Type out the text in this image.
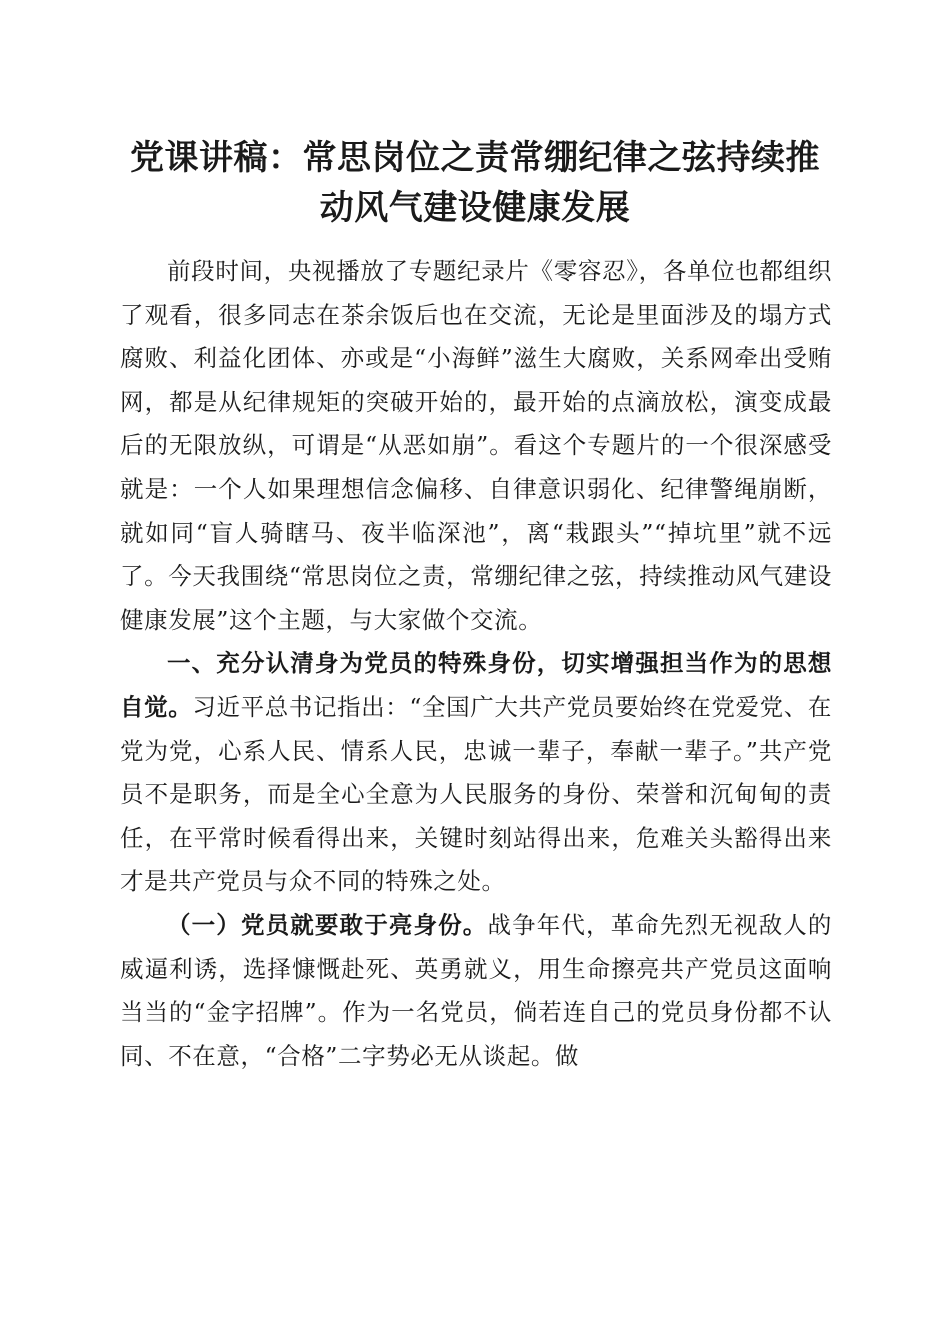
党课讲稿：常思岗位之责常绷纪律之弦持续推
动风气建设健康发展

前段时间，央视播放了专题纪录片《零容忍》，各单位也都组织了观看，很多同志在茶余饭后也在交流，无论是里面涉及的塌方式腐败、利益化团体、亦或是“小海鲜”滋生大腐败，关系网牵出受贿网，都是从纪律规矩的突破开始的，最开始的点滴放松，演变成最后的无限放纵，可谓是“从恶如崩”。看这个专题片的一个很深感受就是：一个人如果理想信念偏移、自律意识弱化、纪律警绳崩断，就如同“盲人骑瞎马、夜半临深池”，离“栽跟头”“掉坑里”就不远了。今天我围绕“常思岗位之责，常绷纪律之弦，持续推动风气建设健康发展”这个主题，与大家做个交流。

一、充分认清身为党员的特殊身份，切实增强担当作为的思想自觉。习近平总书记指出：“全国广大共产党员要始终在党爱党、在党为党，心系人民、情系人民，忠诚一辈子，奉献一辈子。”共产党员不是职务，而是全心全意为人民服务的身份、荣誉和沉甸甸的责任，在平常时候看得出来，关键时刻站得出来，危难关头豁得出来才是共产党员与众不同的特殊之处。

（一）党员就要敢于亮身份。战争年代，革命先烈无视敌人的威逼利诱，选择慷慨赴死、英勇就义，用生命擦亮共产党员这面响当当的“金字招牌”。作为一名党员，倘若连自己的党员身份都不认同、不在意，“合格”二字势必无从谈起。做
